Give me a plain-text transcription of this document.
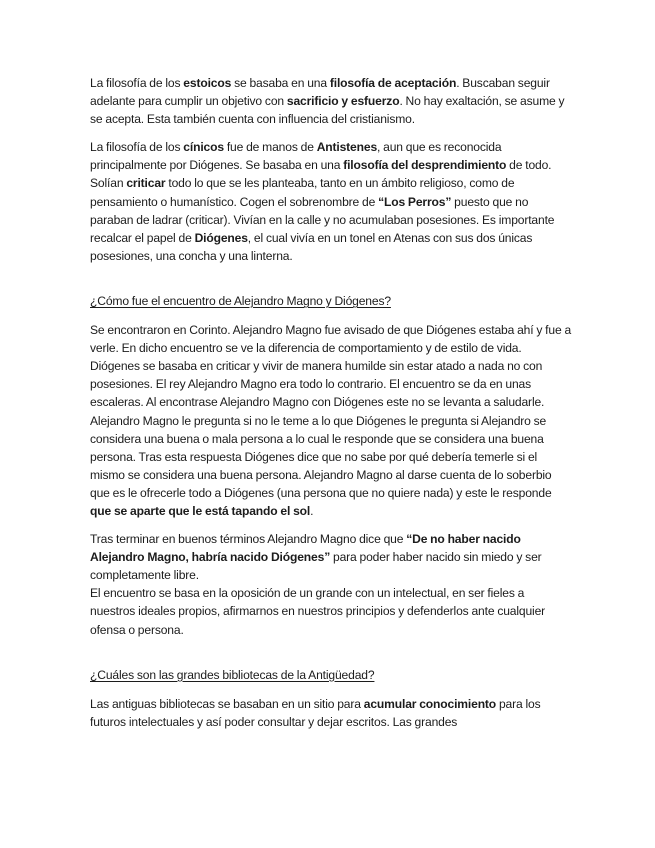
La filosofía de los estoicos se basaba en una filosofía de aceptación. Buscaban seguir adelante para cumplir un objetivo con sacrificio y esfuerzo. No hay exaltación, se asume y se acepta. Esta también cuenta con influencia del cristianismo.

La filosofía de los cínicos fue de manos de Antistenes, aun que es reconocida principalmente por Diógenes. Se basaba en una filosofía del desprendimiento de todo. Solían criticar todo lo que se les planteaba, tanto en un ámbito religioso, como de pensamiento o humanístico. Cogen el sobrenombre de “Los Perros” puesto que no paraban de ladrar (criticar). Vivían en la calle y no acumulaban posesiones. Es importante recalcar el papel de Diógenes, el cual vivía en un tonel en Atenas con sus dos únicas posesiones, una concha y una linterna.

¿Cómo fue el encuentro de Alejandro Magno y Diógenes?

Se encontraron en Corinto. Alejandro Magno fue avisado de que Diógenes estaba ahí y fue a verle. En dicho encuentro se ve la diferencia de comportamiento y de estilo de vida. Diógenes se basaba en criticar y vivir de manera humilde sin estar atado a nada no con posesiones. El rey Alejandro Magno era todo lo contrario. El encuentro se da en unas escaleras. Al encontrase Alejandro Magno con Diógenes este no se levanta a saludarle. Alejandro Magno le pregunta si no le teme a lo que Diógenes le pregunta si Alejandro se considera una buena o mala persona a lo cual le responde que se considera una buena persona. Tras esta respuesta Diógenes dice que no sabe por qué debería temerle si el mismo se considera una buena persona. Alejandro Magno al darse cuenta de lo soberbio que es le ofrecerle todo a Diógenes (una persona que no quiere nada) y este le responde que se aparte que le está tapando el sol.

Tras terminar en buenos términos Alejandro Magno dice que “De no haber nacido Alejandro Magno, habría nacido Diógenes” para poder haber nacido sin miedo y ser completamente libre.

El encuentro se basa en la oposición de un grande con un intelectual, en ser fieles a nuestros ideales propios, afirmarnos en nuestros principios y defenderlos ante cualquier ofensa o persona.

¿Cuáles son las grandes bibliotecas de la Antigüedad?

Las antiguas bibliotecas se basaban en un sitio para acumular conocimiento para los futuros intelectuales y así poder consultar y dejar escritos. Las grandes
